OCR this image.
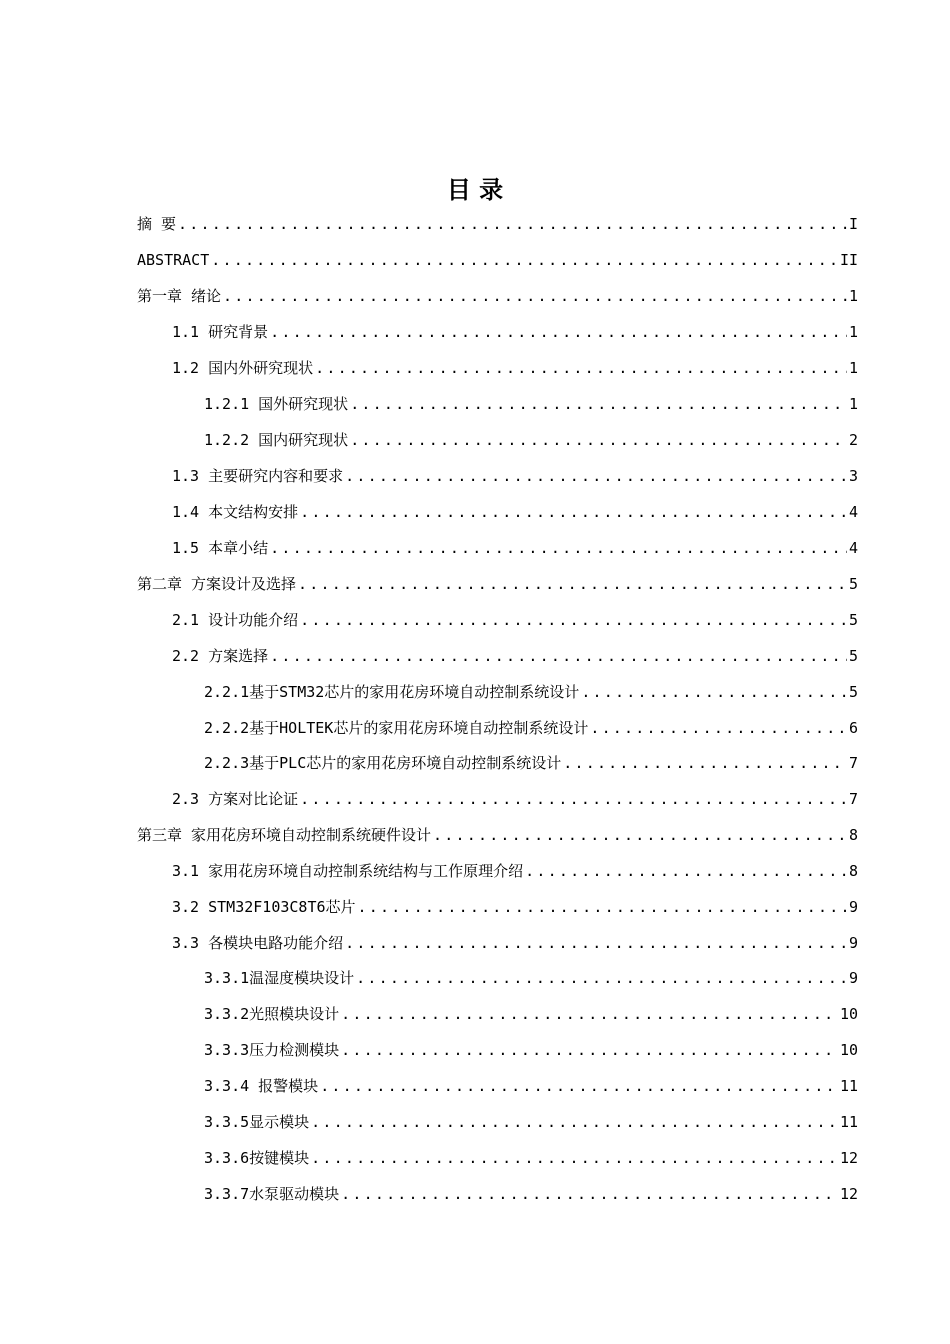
目 录
摘 要 .....	I
ABSTRACT .....	II
第一章 绪论 .....	1
1.1 研究背景 .....	1
1.2 国内外研究现状 .....	1
1.2.1 国外研究现状 .....	1
1.2.2 国内研究现状 .....	2
1.3 主要研究内容和要求 .....	3
1.4 本文结构安排 .....	4
1.5 本章小结 .....	4
第二章 方案设计及选择 .....	5
2.1 设计功能介绍 .....	5
2.2 方案选择 .....	5
2.2.1基于STM32芯片的家用花房环境自动控制系统设计 .....	5
2.2.2基于HOLTEK芯片的家用花房环境自动控制系统设计 .....	6
2.2.3基于PLC芯片的家用花房环境自动控制系统设计 .....	7
2.3 方案对比论证 .....	7
第三章 家用花房环境自动控制系统硬件设计 .....	8
3.1 家用花房环境自动控制系统结构与工作原理介绍 .....	8
3.2 STM32F103C8T6芯片 .....	9
3.3 各模块电路功能介绍 .....	9
3.3.1温湿度模块设计 .....	9
3.3.2光照模块设计 .....	10
3.3.3压力检测模块 .....	10
3.3.4 报警模块 .....	11
3.3.5显示模块 .....	11
3.3.6按键模块 .....	12
3.3.7水泵驱动模块 .....	12
